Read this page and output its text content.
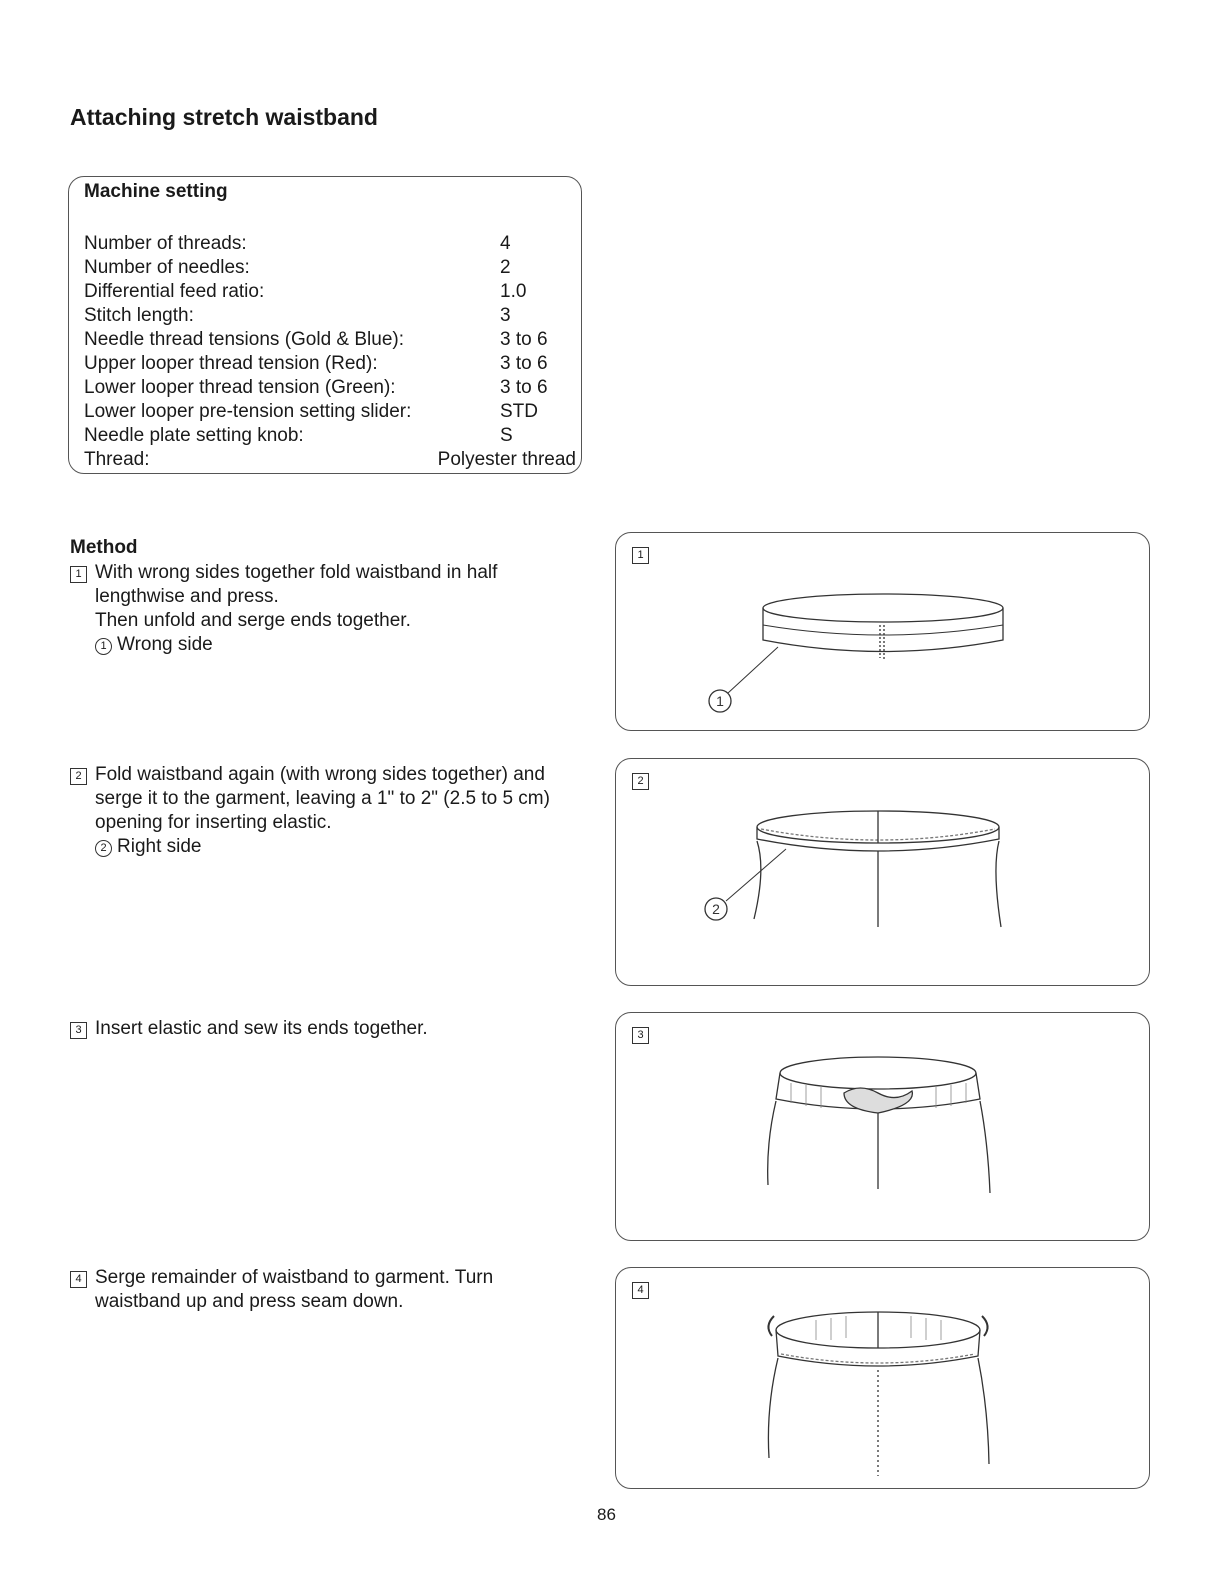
Attaching stretch waistband
Machine setting
Number of threads:	4
Number of needles:	2
Differential feed ratio:	1.0
Stitch length:	3
Needle thread tensions (Gold & Blue):	3 to 6
Upper looper thread tension (Red):	3 to 6
Lower looper thread tension (Green):	3 to 6
Lower looper pre-tension setting slider:	STD
Needle plate setting knob:	S
Thread:	Polyester thread
Method
1 With wrong sides together fold waistband in half
lengthwise and press.
Then unfold and serge ends together.
1 Wrong side
2 Fold waistband again (with wrong sides together) and
serge it to the garment, leaving a 1" to 2" (2.5 to 5 cm)
opening for inserting elastic.
2 Right side
3 Insert elastic and sew its ends together.
4 Serge remainder of waistband to garment. Turn
waistband up and press seam down.
1
1
2
2
3
4
86
